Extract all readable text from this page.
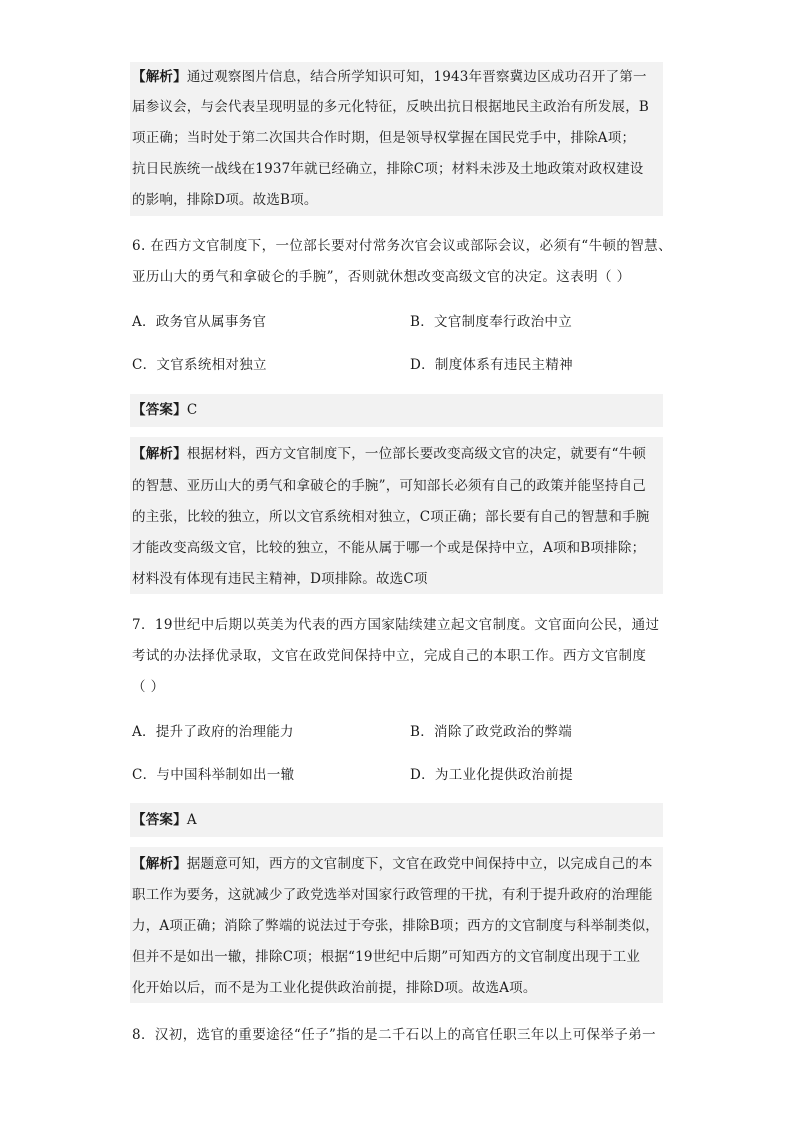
【解析】通过观察图片信息，结合所学知识可知，1943年晋察冀边区成功召开了第一
届参议会，与会代表呈现明显的多元化特征，反映出抗日根据地民主政治有所发展，B
项正确；当时处于第二次国共合作时期，但是领导权掌握在国民党手中，排除A项；
抗日民族统一战线在1937年就已经确立，排除C项；材料未涉及土地政策对政权建设
的影响，排除D项。故选B项。
6. 在西方文官制度下，一位部长要对付常务次官会议或部际会议，必须有“牛顿的智慧、
亚历山大的勇气和拿破仑的手腕”，否则就休想改变高级文官的决定。这表明（ ）
A．政务官从属事务官	B．文官制度奉行政治中立
C．文官系统相对独立	D．制度体系有违民主精神
【答案】C
【解析】根据材料，西方文官制度下，一位部长要改变高级文官的决定，就要有“牛顿
的智慧、亚历山大的勇气和拿破仑的手腕”，可知部长必须有自己的政策并能坚持自己
的主张，比较的独立，所以文官系统相对独立，C项正确；部长要有自己的智慧和手腕
才能改变高级文官，比较的独立，不能从属于哪一个或是保持中立，A项和B项排除；
材料没有体现有违民主精神，D项排除。故选C项
7．19世纪中后期以英美为代表的西方国家陆续建立起文官制度。文官面向公民，通过
考试的办法择优录取，文官在政党间保持中立，完成自己的本职工作。西方文官制度
（ ）
A．提升了政府的治理能力	B．消除了政党政治的弊端
C．与中国科举制如出一辙	D．为工业化提供政治前提
【答案】A
【解析】据题意可知，西方的文官制度下，文官在政党中间保持中立，以完成自己的本
职工作为要务，这就减少了政党选举对国家行政管理的干扰，有利于提升政府的治理能
力，A项正确；消除了弊端的说法过于夸张，排除B项；西方的文官制度与科举制类似，
但并不是如出一辙，排除C项；根据“19世纪中后期”可知西方的文官制度出现于工业
化开始以后，而不是为工业化提供政治前提，排除D项。故选A项。
8．汉初，选官的重要途径“任子”指的是二千石以上的高官任职三年以上可保举子弟一
